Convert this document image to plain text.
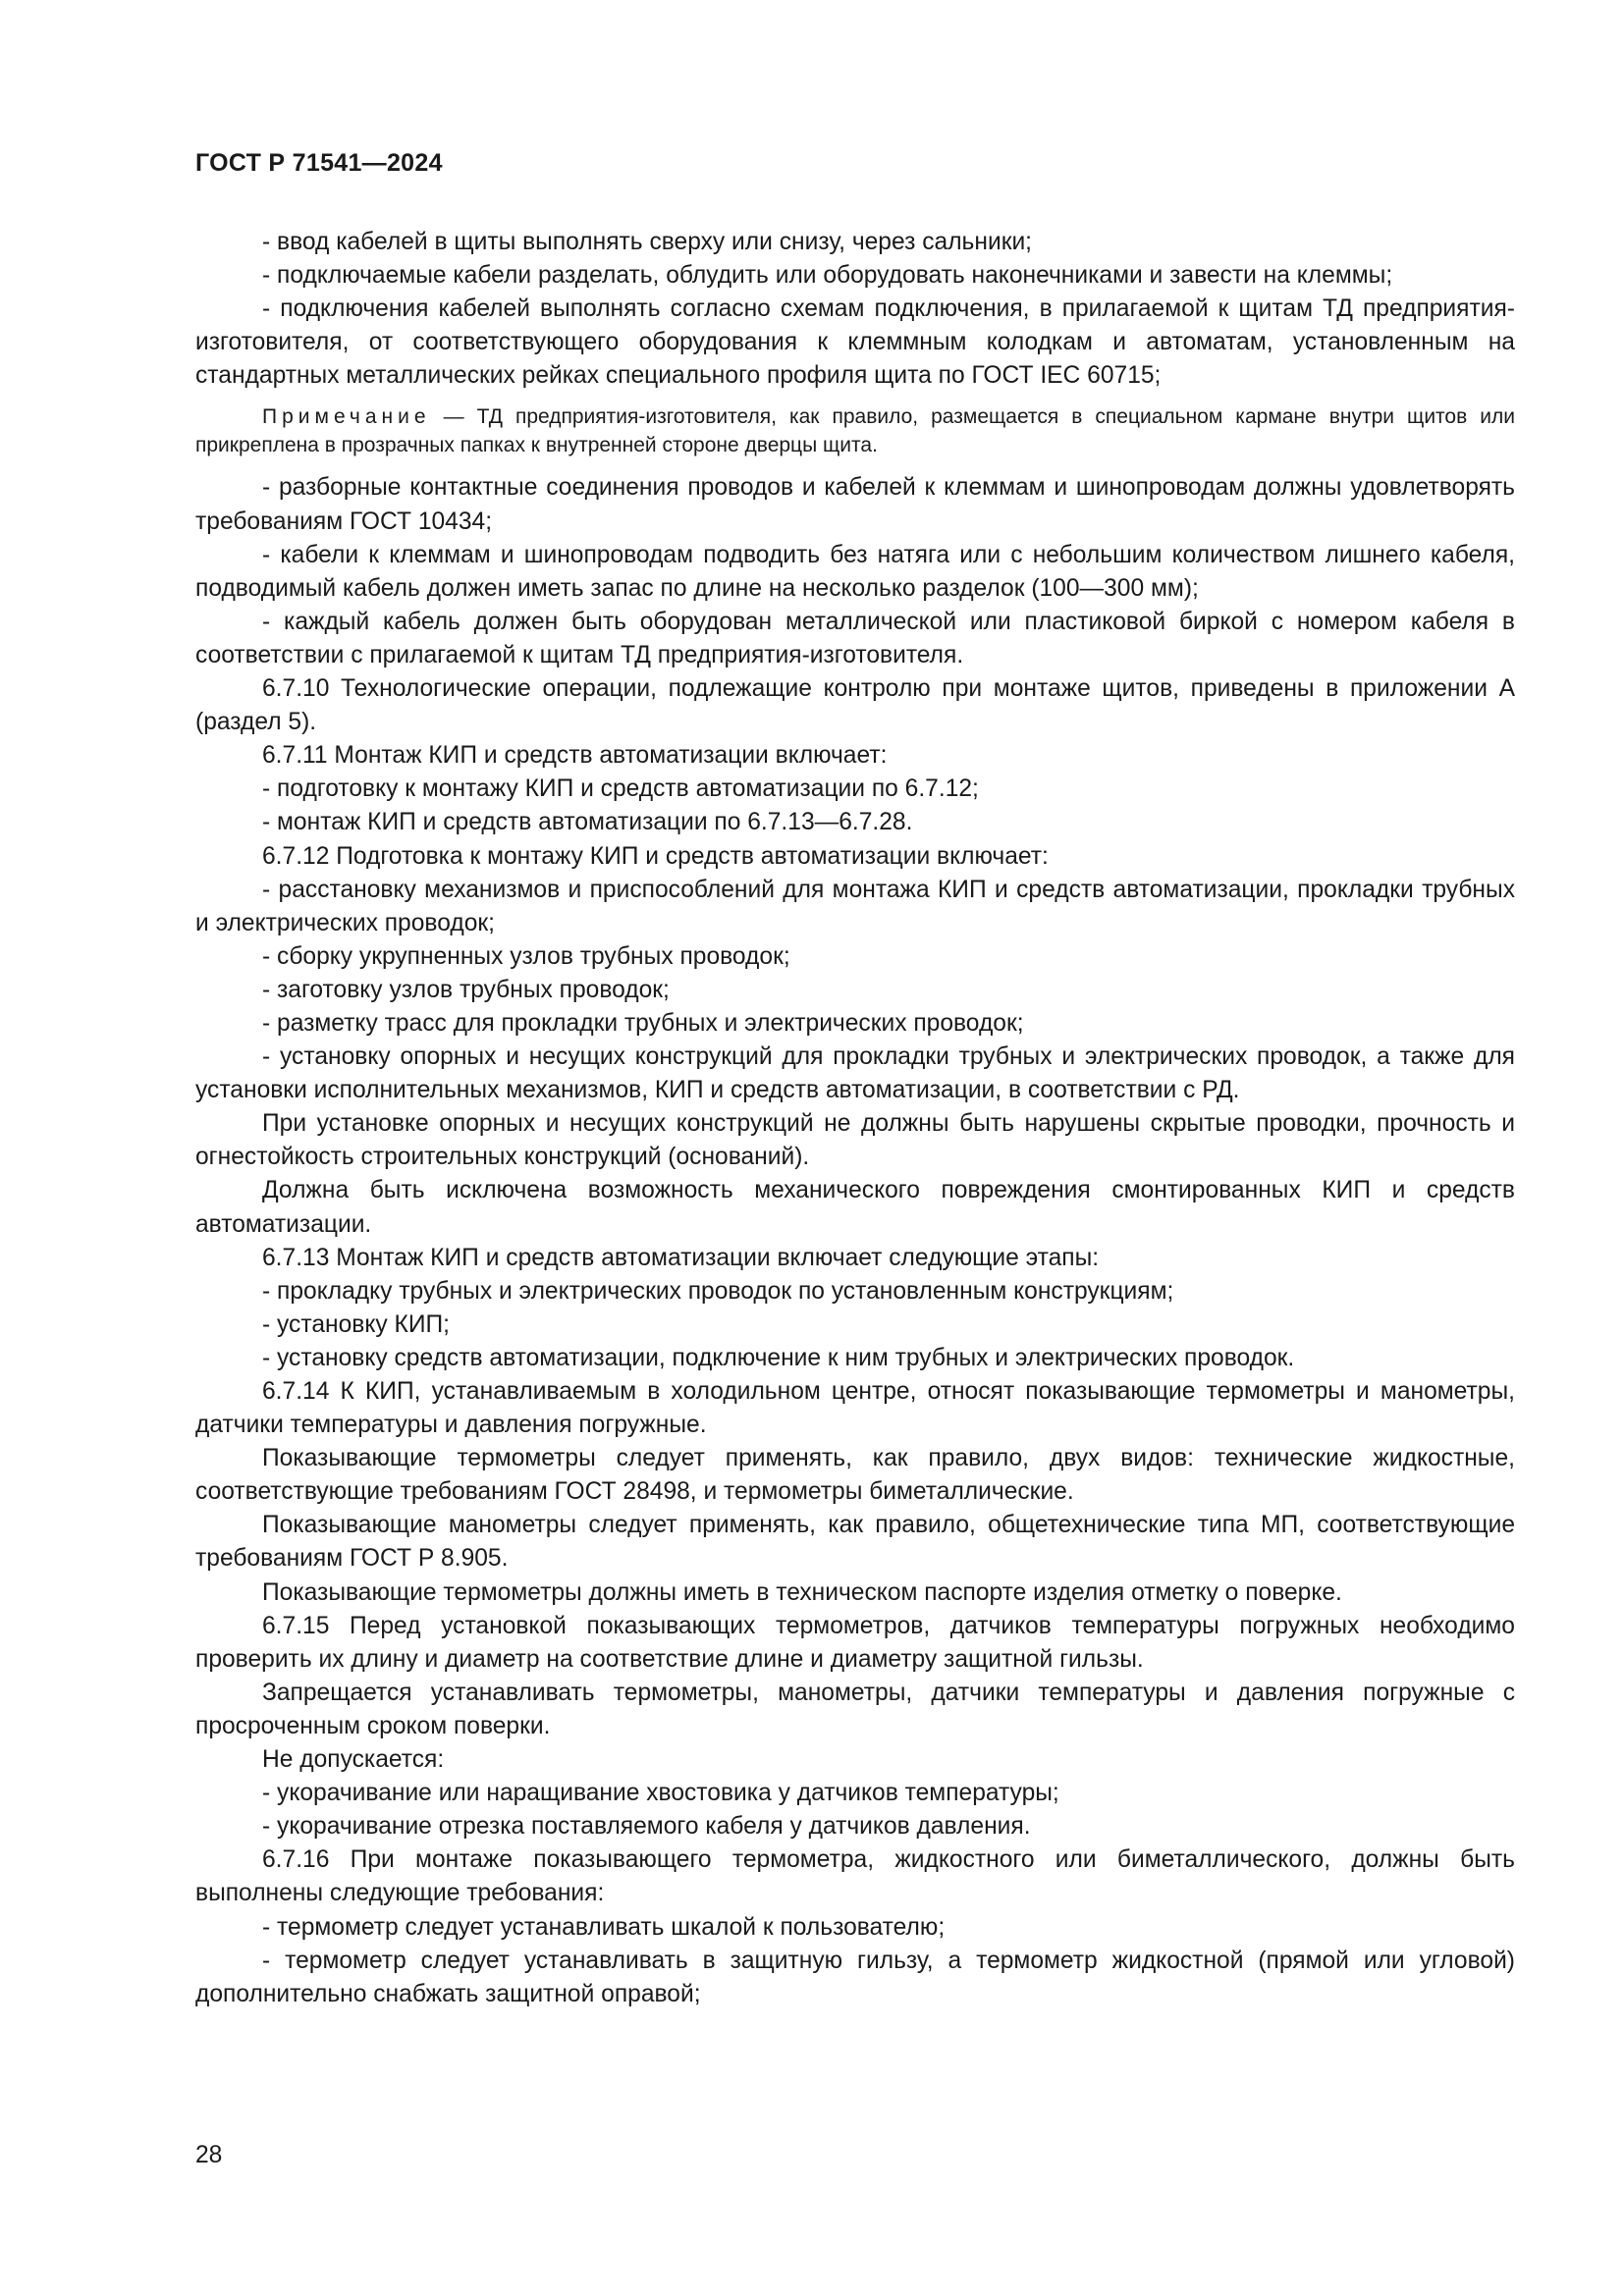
ГОСТ Р 71541—2024

- ввод кабелей в щиты выполнять сверху или снизу, через сальники;

- подключаемые кабели разделать, облудить или оборудовать наконечниками и завести на клеммы;

- подключения кабелей выполнять согласно схемам подключения, в прилагаемой к щитам ТД предприятия-изготовителя, от соответствующего оборудования к клеммным колодкам и автоматам, установленным на стандартных металлических рейках специального профиля щита по ГОСТ IEC 60715;

Примечание — ТД предприятия-изготовителя, как правило, размещается в специальном кармане внутри щитов или прикреплена в прозрачных папках к внутренней стороне дверцы щита.

- разборные контактные соединения проводов и кабелей к клеммам и шинопроводам должны удовлетворять требованиям ГОСТ 10434;

- кабели к клеммам и шинопроводам подводить без натяга или с небольшим количеством лишнего кабеля, подводимый кабель должен иметь запас по длине на несколько разделок (100—300 мм);

- каждый кабель должен быть оборудован металлической или пластиковой биркой с номером кабеля в соответствии с прилагаемой к щитам ТД предприятия-изготовителя.

6.7.10 Технологические операции, подлежащие контролю при монтаже щитов, приведены в приложении А (раздел 5).

6.7.11 Монтаж КИП и средств автоматизации включает:

- подготовку к монтажу КИП и средств автоматизации по 6.7.12;

- монтаж КИП и средств автоматизации по 6.7.13—6.7.28.

6.7.12 Подготовка к монтажу КИП и средств автоматизации включает:

- расстановку механизмов и приспособлений для монтажа КИП и средств автоматизации, прокладки трубных и электрических проводок;

- сборку укрупненных узлов трубных проводок;

- заготовку узлов трубных проводок;

- разметку трасс для прокладки трубных и электрических проводок;

- установку опорных и несущих конструкций для прокладки трубных и электрических проводок, а также для установки исполнительных механизмов, КИП и средств автоматизации, в соответствии с РД.

При установке опорных и несущих конструкций не должны быть нарушены скрытые проводки, прочность и огнестойкость строительных конструкций (оснований).

Должна быть исключена возможность механического повреждения смонтированных КИП и средств автоматизации.

6.7.13 Монтаж КИП и средств автоматизации включает следующие этапы:

- прокладку трубных и электрических проводок по установленным конструкциям;

- установку КИП;

- установку средств автоматизации, подключение к ним трубных и электрических проводок.

6.7.14 К КИП, устанавливаемым в холодильном центре, относят показывающие термометры и манометры, датчики температуры и давления погружные.

Показывающие термометры следует применять, как правило, двух видов: технические жидкостные, соответствующие требованиям ГОСТ 28498, и термометры биметаллические.

Показывающие манометры следует применять, как правило, общетехнические типа МП, соответствующие требованиям ГОСТ Р 8.905.

Показывающие термометры должны иметь в техническом паспорте изделия отметку о поверке.

6.7.15 Перед установкой показывающих термометров, датчиков температуры погружных необходимо проверить их длину и диаметр на соответствие длине и диаметру защитной гильзы.

Запрещается устанавливать термометры, манометры, датчики температуры и давления погружные с просроченным сроком поверки.

Не допускается:

- укорачивание или наращивание хвостовика у датчиков температуры;

- укорачивание отрезка поставляемого кабеля у датчиков давления.

6.7.16 При монтаже показывающего термометра, жидкостного или биметаллического, должны быть выполнены следующие требования:

- термометр следует устанавливать шкалой к пользователю;

- термометр следует устанавливать в защитную гильзу, а термометр жидкостной (прямой или угловой) дополнительно снабжать защитной оправой;

28
